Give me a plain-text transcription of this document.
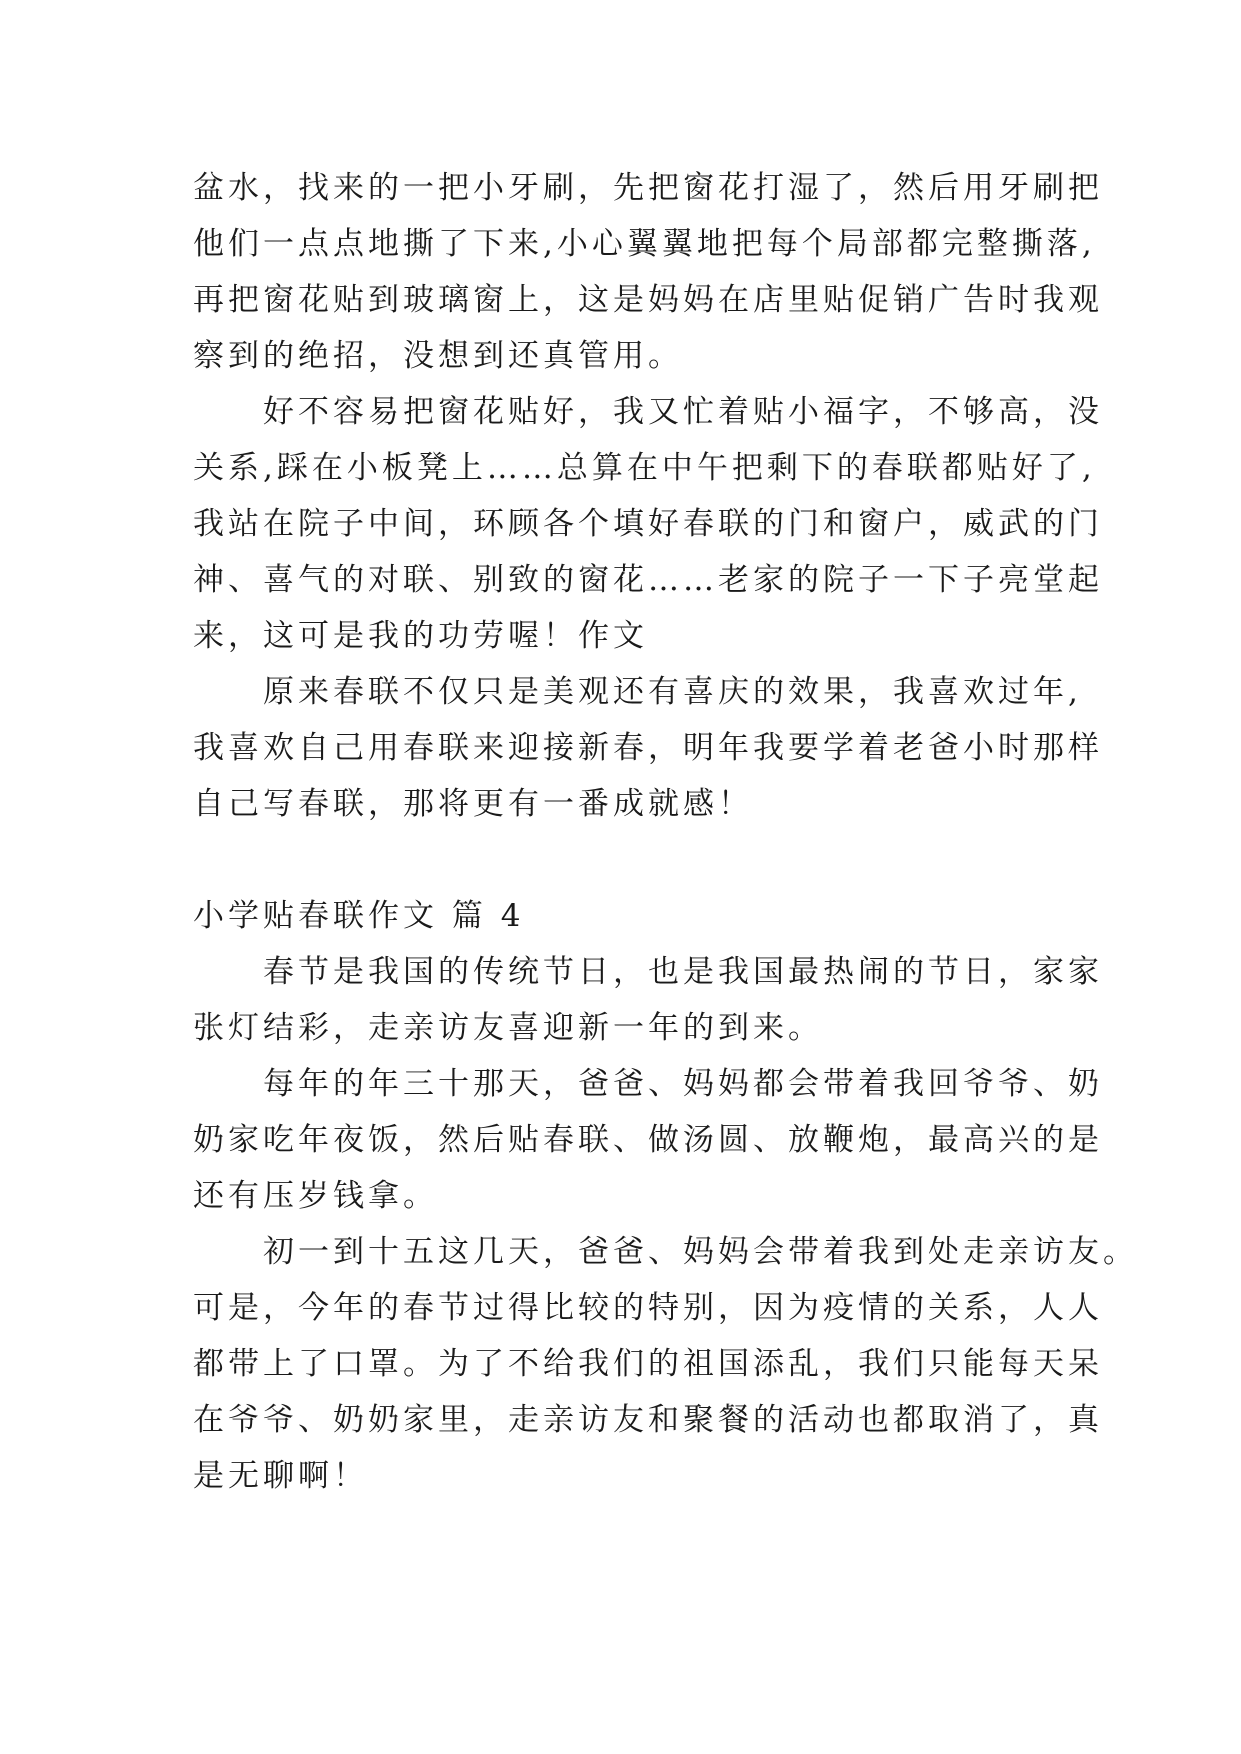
盆水，找来的一把小牙刷，先把窗花打湿了，然后用牙刷把
他们一点点地撕了下来,小心翼翼地把每个局部都完整撕落,
再把窗花贴到玻璃窗上，这是妈妈在店里贴促销广告时我观
察到的绝招，没想到还真管用。
好不容易把窗花贴好，我又忙着贴小福字，不够高，没
关系,踩在小板凳上……总算在中午把剩下的春联都贴好了,
我站在院子中间，环顾各个填好春联的门和窗户，威武的门
神、喜气的对联、别致的窗花……老家的院子一下子亮堂起
来，这可是我的功劳喔！作文
原来春联不仅只是美观还有喜庆的效果，我喜欢过年,
我喜欢自己用春联来迎接新春，明年我要学着老爸小时那样
自己写春联，那将更有一番成就感！
小学贴春联作文 篇 4
春节是我国的传统节日，也是我国最热闹的节日，家家
张灯结彩，走亲访友喜迎新一年的到来。
每年的年三十那天，爸爸、妈妈都会带着我回爷爷、奶
奶家吃年夜饭，然后贴春联、做汤圆、放鞭炮，最高兴的是
还有压岁钱拿。
初一到十五这几天，爸爸、妈妈会带着我到处走亲访友。
可是，今年的春节过得比较的特别，因为疫情的关系，人人
都带上了口罩。为了不给我们的祖国添乱，我们只能每天呆
在爷爷、奶奶家里，走亲访友和聚餐的活动也都取消了，真
是无聊啊！
